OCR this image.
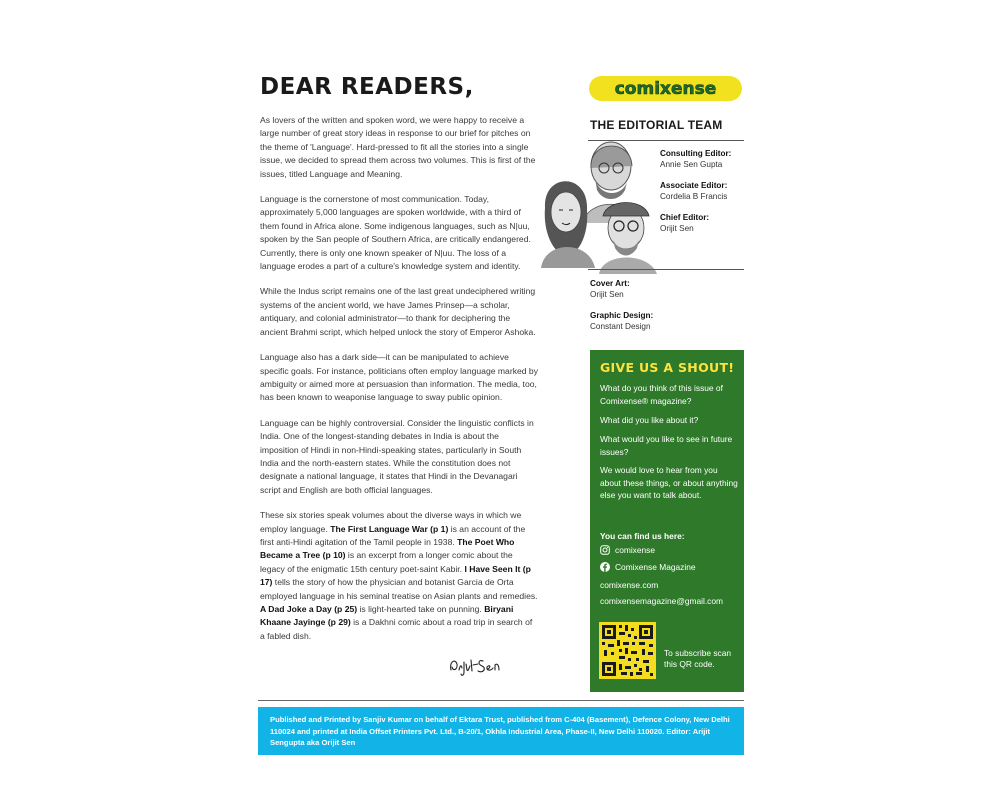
DEAR READERS,

As lovers of the written and spoken word, we were happy to receive a large number of great story ideas in response to our brief for pitches on the theme of 'Language'. Hard-pressed to fit all the stories into a single issue, we decided to spread them across two volumes. This is first of the issues, titled Language and Meaning.

Language is the cornerstone of most communication. Today, approximately 5,000 languages are spoken worldwide, with a third of them found in Africa alone. Some indigenous languages, such as N|uu, spoken by the San people of Southern Africa, are critically endangered. Currently, there is only one known speaker of N|uu. The loss of a language erodes a part of a culture's knowledge system and identity.

While the Indus script remains one of the last great undeciphered writing systems of the ancient world, we have James Prinsep—a scholar, antiquary, and colonial administrator—to thank for deciphering the ancient Brahmi script, which helped unlock the story of Emperor Ashoka.

Language also has a dark side—it can be manipulated to achieve specific goals. For instance, politicians often employ language marked by ambiguity or aimed more at persuasion than information. The media, too, has been known to weaponise language to sway public opinion.

Language can be highly controversial. Consider the linguistic conflicts in India. One of the longest-standing debates in India is about the imposition of Hindi in non-Hindi-speaking states, particularly in South India and the north-eastern states. While the constitution does not designate a national language, it states that Hindi in the Devanagari script and English are both official languages.

These six stories speak volumes about the diverse ways in which we employ language. The First Language War (p 1) is an account of the first anti-Hindi agitation of the Tamil people in 1938. The Poet Who Became a Tree (p 10) is an excerpt from a longer comic about the legacy of the enigmatic 15th century poet-saint Kabir. I Have Seen It (p 17) tells the story of how the physician and botanist Garcia de Orta employed language in his seminal treatise on Asian plants and remedies. A Dad Joke a Day (p 25) is light-hearted take on punning. Biryani Khaane Jayinge (p 29) is a Dakhni comic about a road trip in search of a fabled dish.

comixense
THE EDITORIAL TEAM
Consulting Editor:
Annie Sen Gupta
Associate Editor:
Cordelia B Francis
Chief Editor:
Orijit Sen
Cover Art:
Orijit Sen
Graphic Design:
Constant Design
GIVE US A SHOUT!

What do you think of this issue of Comixense® magazine?

What did you like about it?

What would you like to see in future issues?

We would love to hear from you about these things, or about anything else you want to talk about.

You can find us here:
comixense
Comixense Magazine
comixense.com
comixensemagazine@gmail.com
To subscribe scan this QR code.

Published and Printed by Sanjiv Kumar on behalf of Ektara Trust, published from C-404 (Basement), Defence Colony, New Delhi 110024 and printed at India Offset Printers Pvt. Ltd., B-20/1, Okhla Industrial Area, Phase-II, New Delhi 110020. Editor: Arijit Sengupta aka Orijit Sen
